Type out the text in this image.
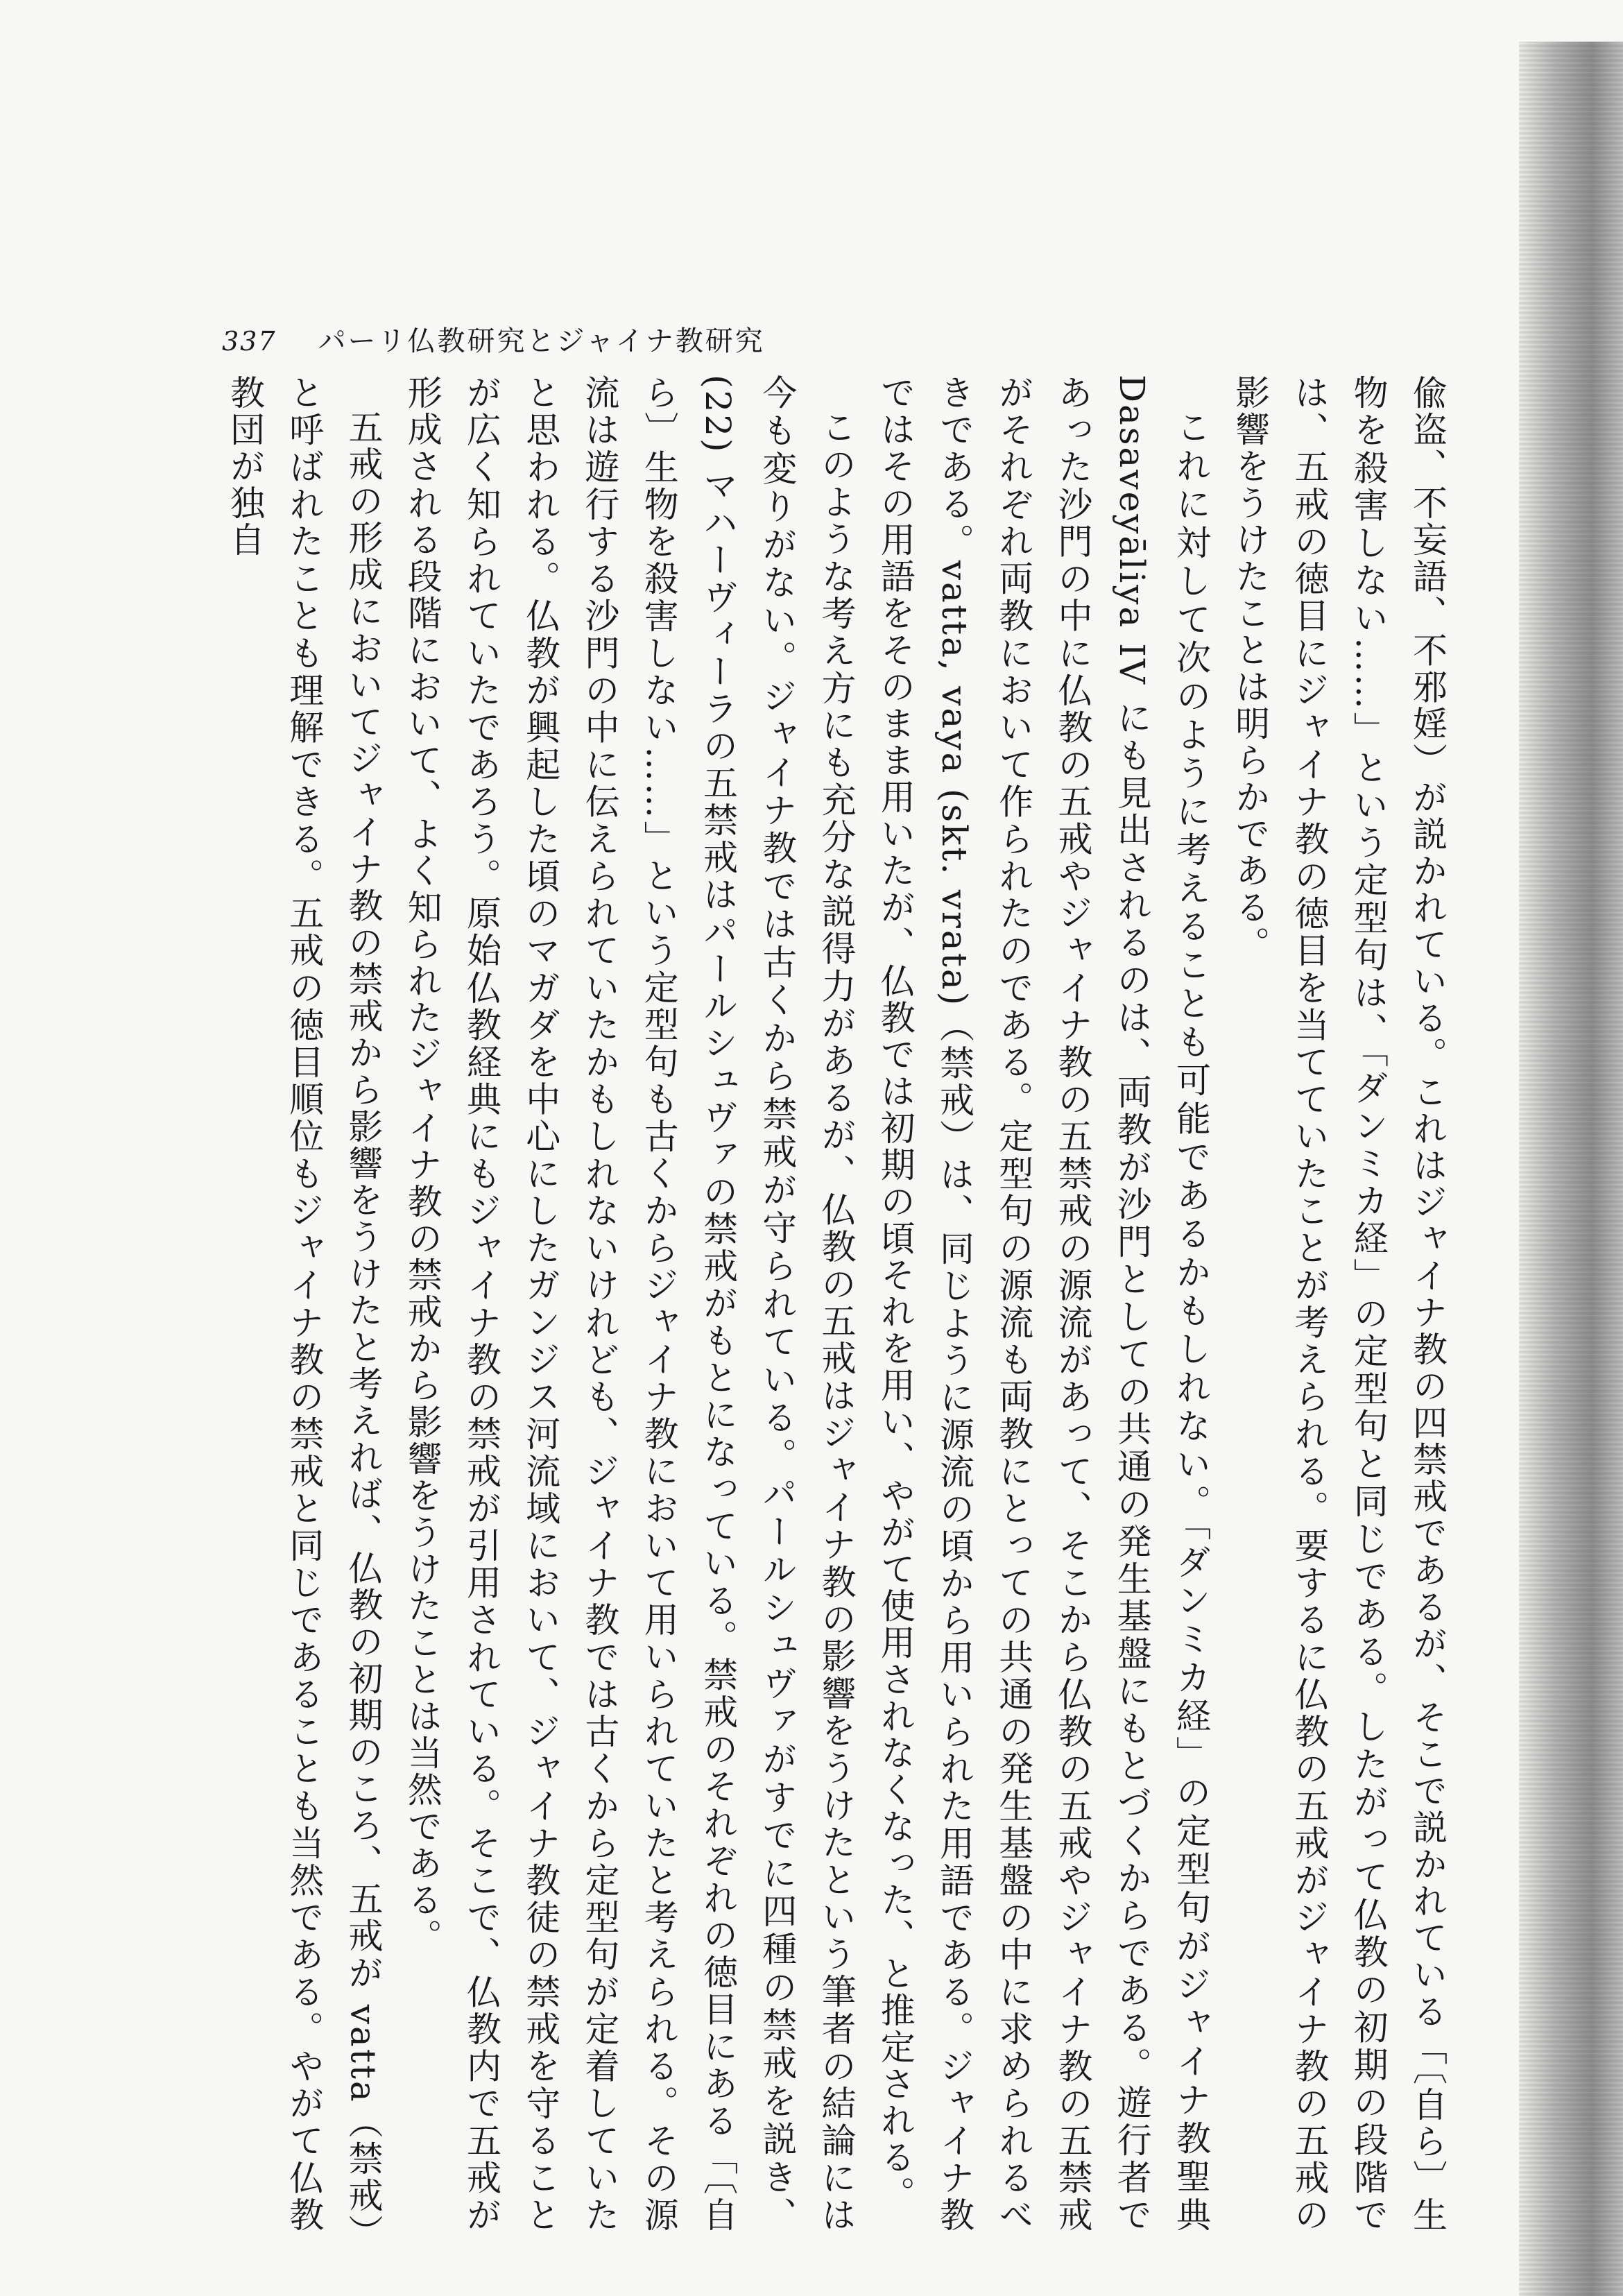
337 パーリ仏教研究とジャイナ教研究

偸盗、不妄語、不邪婬）が説かれている。これはジャイナ教の四禁戒であるが、そこで説かれている「〔自ら〕生物を殺害しない……」という定型句は、「ダンミカ経」の定型句と同じである。したがって仏教の初期の段階では、五戒の徳目にジャイナ教の徳目を当てていたことが考えられる。要するに仏教の五戒がジャイナ教の五戒の影響をうけたことは明らかである。

これに対して次のように考えることも可能であるかもしれない。「ダンミカ経」の定型句がジャイナ教聖典 Dasaveyāliya IV にも見出されるのは、両教が沙門としての共通の発生基盤にもとづくからである。遊行者であった沙門の中に仏教の五戒やジャイナ教の五禁戒の源流があって、そこから仏教の五戒やジャイナ教の五禁戒がそれぞれ両教において作られたのである。定型句の源流も両教にとっての共通の発生基盤の中に求められるべきである。vatta, vaya (skt. vrata)（禁戒）は、同じように源流の頃から用いられた用語である。ジャイナ教ではその用語をそのまま用いたが、仏教では初期の頃それを用い、やがて使用されなくなった、と推定される。

このような考え方にも充分な説得力があるが、仏教の五戒はジャイナ教の影響をうけたという筆者の結論には今も変りがない。ジャイナ教では古くから禁戒が守られている。パールシュヴァがすでに四種の禁戒を説き、(22) マハーヴィーラの五禁戒はパールシュヴァの禁戒がもとになっている。禁戒のそれぞれの徳目にある「〔自ら〕生物を殺害しない……」という定型句も古くからジャイナ教において用いられていたと考えられる。その源流は遊行する沙門の中に伝えられていたかもしれないけれども、ジャイナ教では古くから定型句が定着していたと思われる。仏教が興起した頃のマガダを中心にしたガンジス河流域において、ジャイナ教徒の禁戒を守ることが広く知られていたであろう。原始仏教経典にもジャイナ教の禁戒が引用されている。そこで、仏教内で五戒が形成される段階において、よく知られたジャイナ教の禁戒から影響をうけたことは当然である。

五戒の形成においてジャイナ教の禁戒から影響をうけたと考えれば、仏教の初期のころ、五戒が vatta（禁戒）と呼ばれたことも理解できる。五戒の徳目順位もジャイナ教の禁戒と同じであることも当然である。やがて仏教教団が独自
